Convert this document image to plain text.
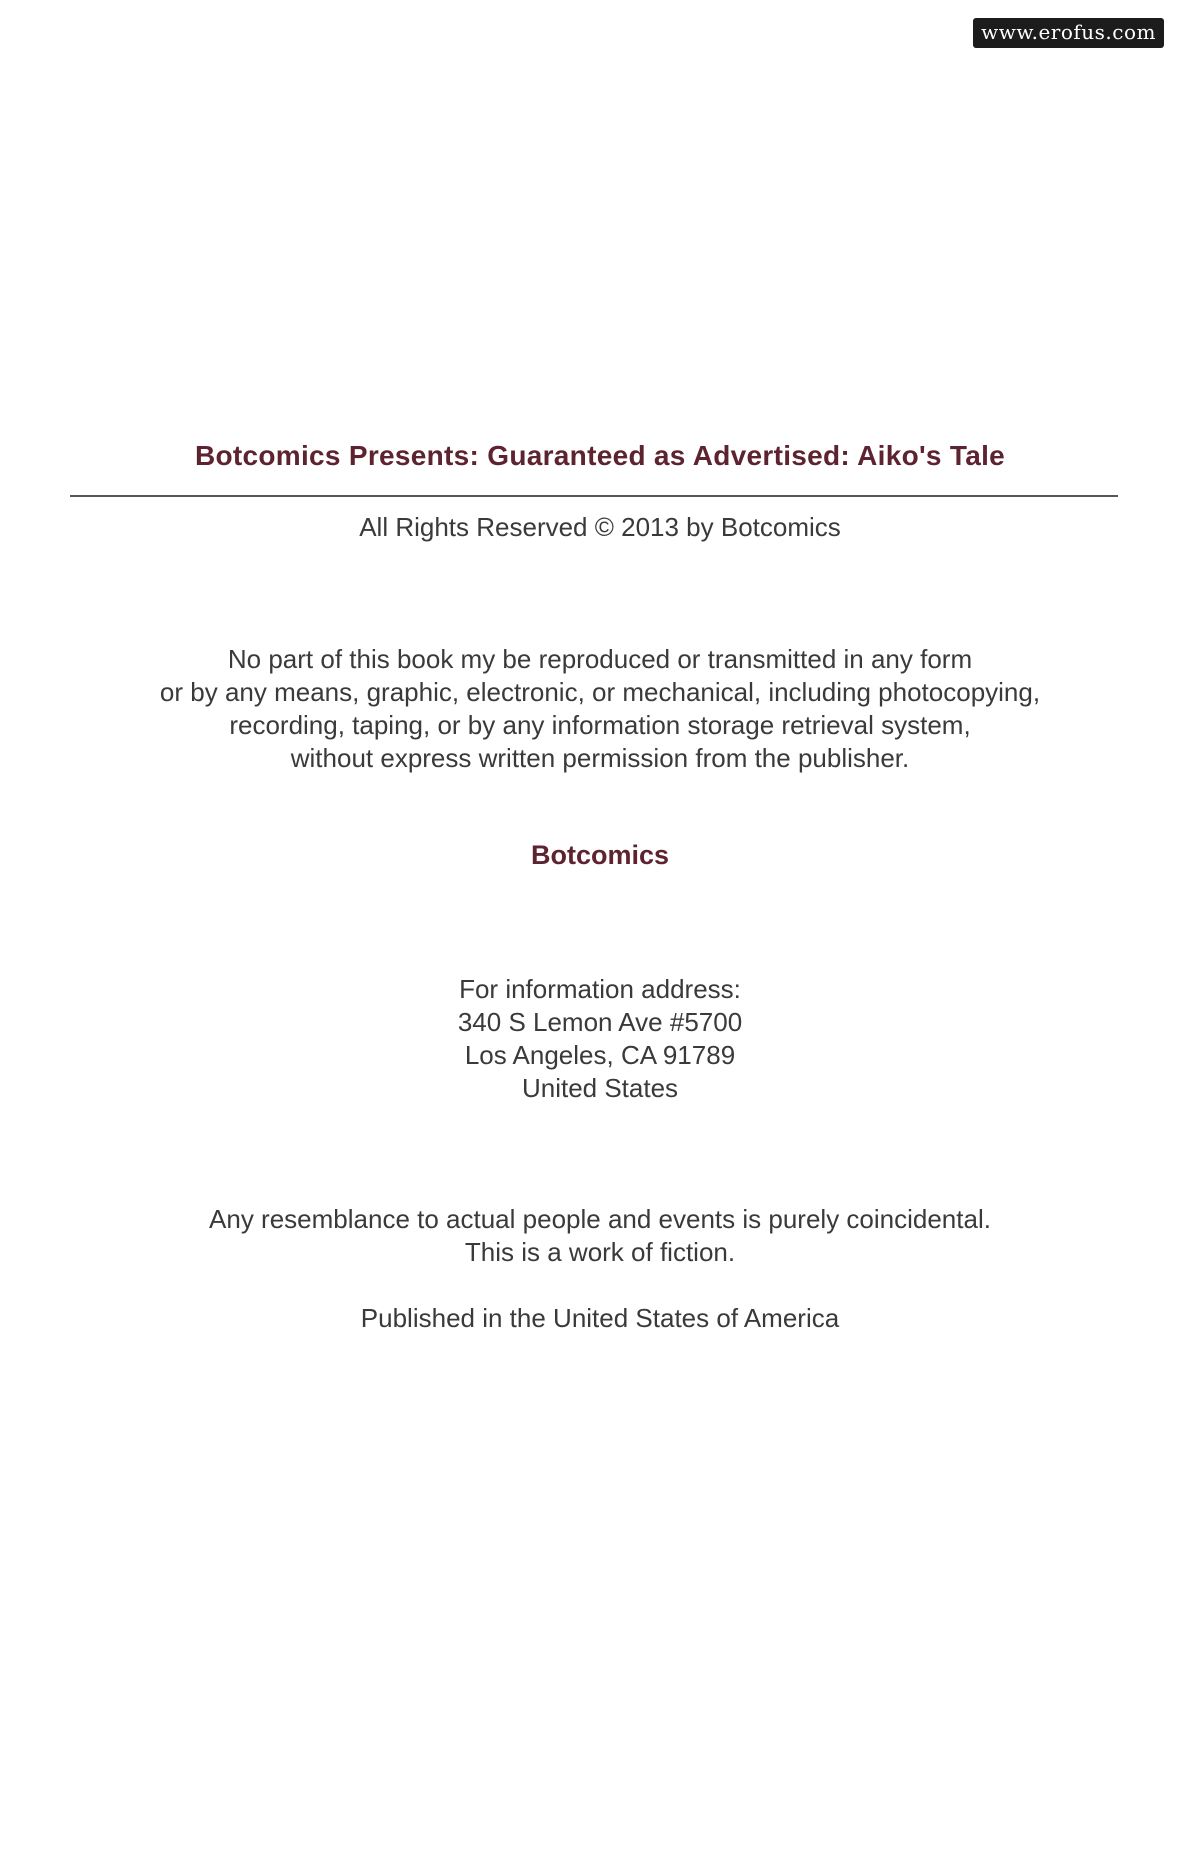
www.erofus.com
Botcomics Presents: Guaranteed as Advertised: Aiko's Tale
All Rights Reserved © 2013 by Botcomics
No part of this book my be reproduced or transmitted in any form
or by any means, graphic, electronic, or mechanical, including photocopying,
recording, taping, or by any information storage retrieval system,
without express written permission from the publisher.
Botcomics
For information address:
340 S Lemon Ave #5700
Los Angeles, CA 91789
United States
Any resemblance to actual people and events is purely coincidental.
This is a work of fiction.
Published in the United States of America
